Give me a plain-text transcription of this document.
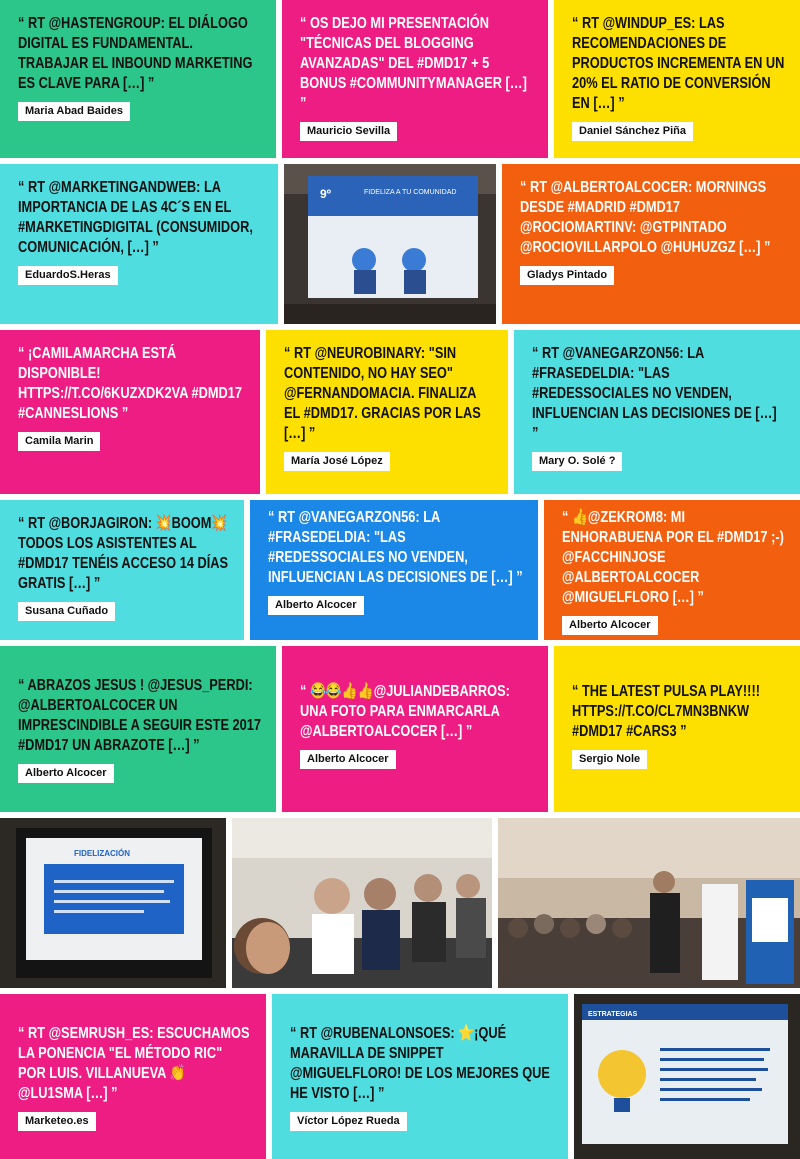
“ RT @HASTENGROUP: EL DIÁLOGO DIGITAL ES FUNDAMENTAL. TRABAJAR EL INBOUND MARKETING ES CLAVE PARA […] ”
Maria Abad Baides
“ OS DEJO MI PRESENTACIÓN "TÉCNICAS DEL BLOGGING AVANZADAS" DEL #DMD17 + 5 BONUS #COMMUNITYMANAGER […] ”
Mauricio Sevilla
“ RT @WINDUP_ES: LAS RECOMENDACIONES DE PRODUCTOS INCREMENTA EN UN 20% EL RATIO DE CONVERSIÓN EN […] ”
Daniel Sánchez Piña
“ RT @MARKETINGANDWEB: LA IMPORTANCIA DE LAS 4C´S EN EL #MARKETINGDIGITAL (CONSUMIDOR, COMUNICACIÓN, […] ”
EduardoS.Heras
9º	FIDELIZA A TU COMUNIDAD	“ RT @ALBERTOALCOCER: MORNINGS DESDE #MADRID #DMD17 @ROCIOMARTINV: @GTPINTADO @ROCIOVILLARPOLO @HUHUZGZ […] ”
Gladys Pintado
“ ¡CAMILAMARCHA ESTÁ DISPONIBLE! HTTPS://T.CO/6KUZXDK2VA #DMD17 #CANNESLIONS ”
Camila Marin
“ RT @NEUROBINARY: "SIN CONTENIDO, NO HAY SEO" @FERNANDOMACIA. FINALIZA EL #DMD17. GRACIAS POR LAS […] ”
María José López
“ RT @VANEGARZON56: LA #FRASEDELDIA: "LAS #REDESSOCIALES NO VENDEN, INFLUENCIAN LAS DECISIONES DE […] ”
Mary O. Solé ?
“ RT @BORJAGIRON: 💥BOOM💥 TODOS LOS ASISTENTES AL #DMD17 TENÉIS ACCESO 14 DÍAS GRATIS […] ”
Susana Cuñado
“ RT @VANEGARZON56: LA #FRASEDELDIA: "LAS #REDESSOCIALES NO VENDEN, INFLUENCIAN LAS DECISIONES DE […] ”
Alberto Alcocer
“ 👍@ZEKROM8: MI ENHORABUENA POR EL #DMD17 ;-) @FACCHINJOSE @ALBERTOALCOCER @MIGUELFLORO […] ”
Alberto Alcocer
“ ABRAZOS JESUS ! @JESUS_PERDI: @ALBERTOALCOCER UN IMPRESCINDIBLE A SEGUIR ESTE 2017 #DMD17 UN ABRAZOTE […] ”
Alberto Alcocer
“ 😂😂👍👍@JULIANDEBARROS: UNA FOTO PARA ENMARCARLA @ALBERTOALCOCER […] ”
Alberto Alcocer
“ THE LATEST PULSA PLAY!!!! HTTPS://T.CO/CL7MN3BNKW #DMD17 #CARS3 ”
Sergio Nole
FIDELIZACIÓN
“ RT @SEMRUSH_ES: ESCUCHAMOS LA PONENCIA "EL MÉTODO RIC" POR LUIS. VILLANUEVA 👏 @LU1SMA […] ”
Marketeo.es
“ RT @RUBENALONSOES: ⭐¡QUÉ MARAVILLA DE SNIPPET @MIGUELFLORO! DE LOS MEJORES QUE HE VISTO […] ”
Víctor López Rueda
ESTRATEGIAS
